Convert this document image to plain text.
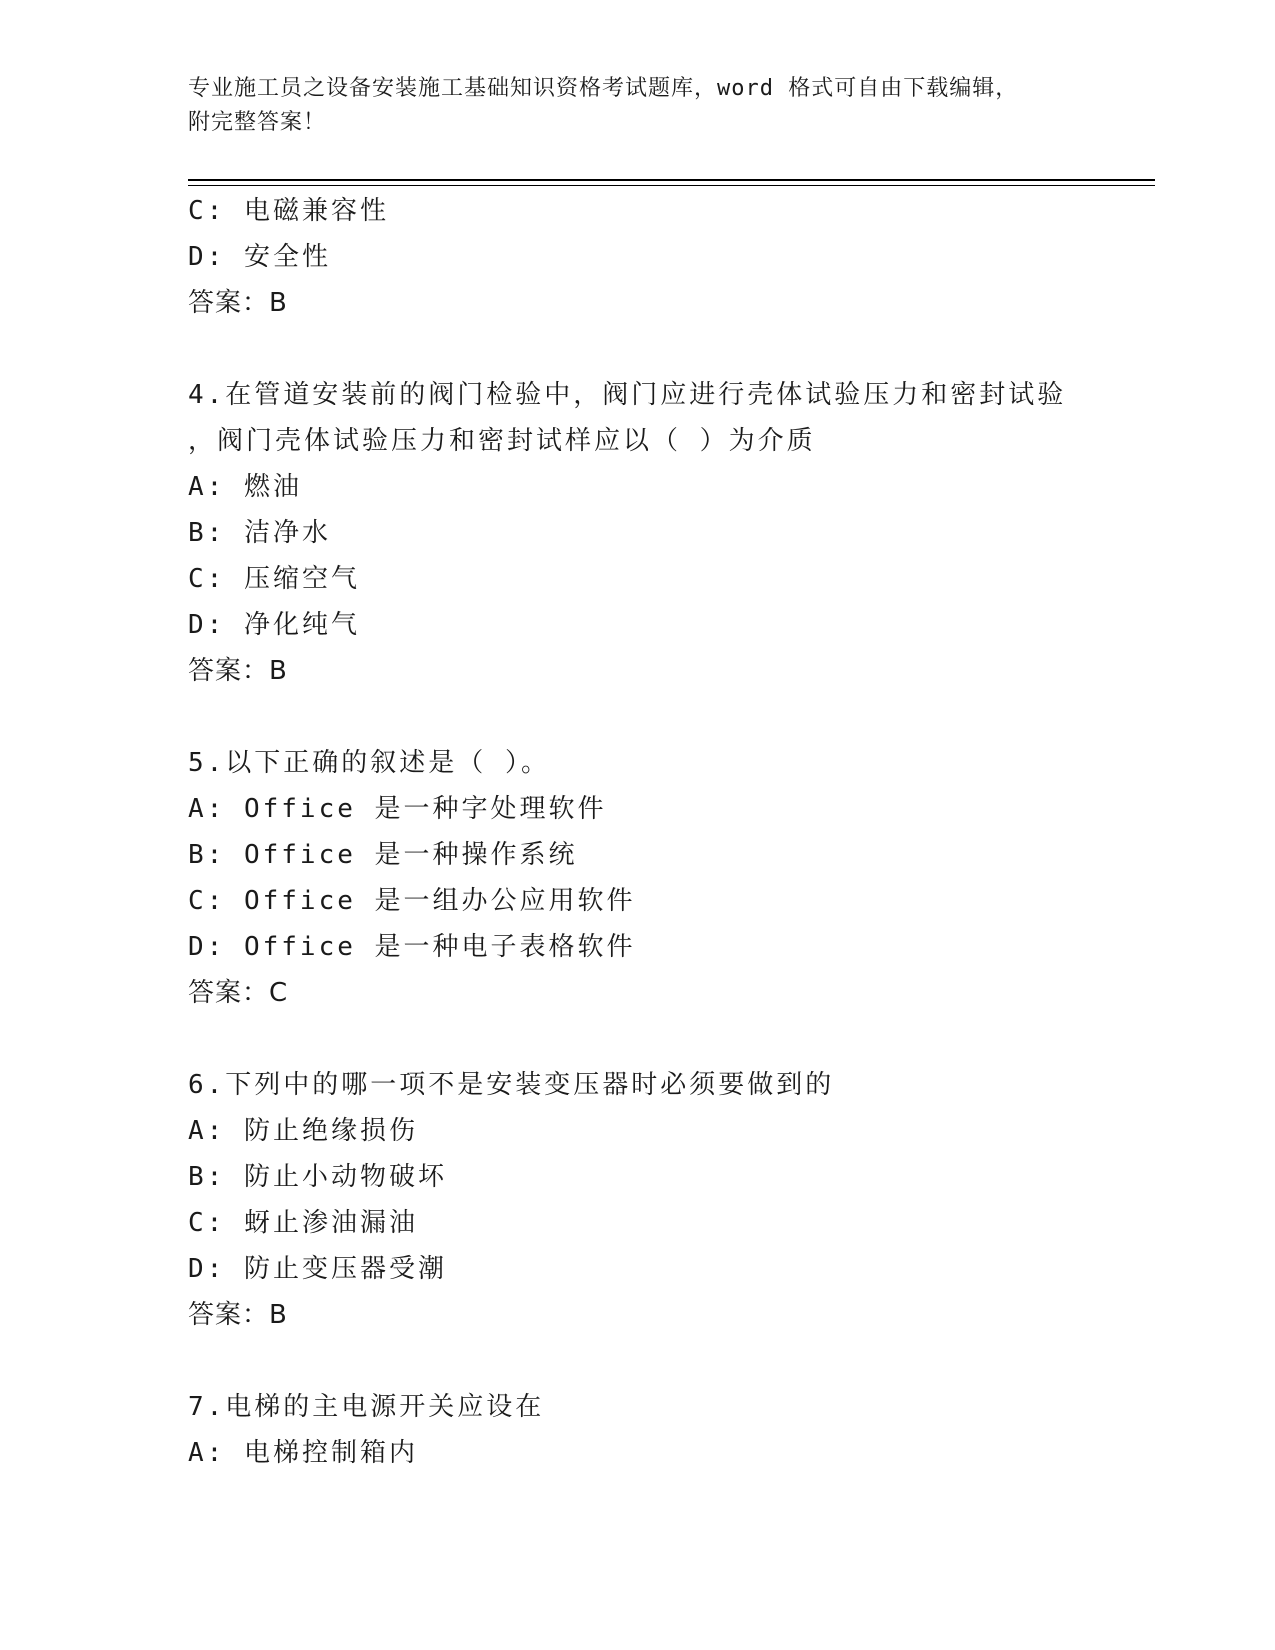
专业施工员之设备安装施工基础知识资格考试题库，word 格式可自由下载编辑，
附完整答案！
C: 电磁兼容性
D: 安全性
答案：B
4.在管道安装前的阀门检验中，阀门应进行壳体试验压力和密封试验
，阀门壳体试验压力和密封试样应以（ ）为介质
A: 燃油
B: 洁净水
C: 压缩空气
D: 净化纯气
答案：B
5.以下正确的叙述是（ ）。
A: Office 是一种字处理软件
B: Office 是一种操作系统
C: Office 是一组办公应用软件
D: Office 是一种电子表格软件
答案：C
6.下列中的哪一项不是安装变压器时必须要做到的
A: 防止绝缘损伤
B: 防止小动物破坏
C: 蚜止渗油漏油
D: 防止变压器受潮
答案：B
7.电梯的主电源开关应设在
A: 电梯控制箱内
